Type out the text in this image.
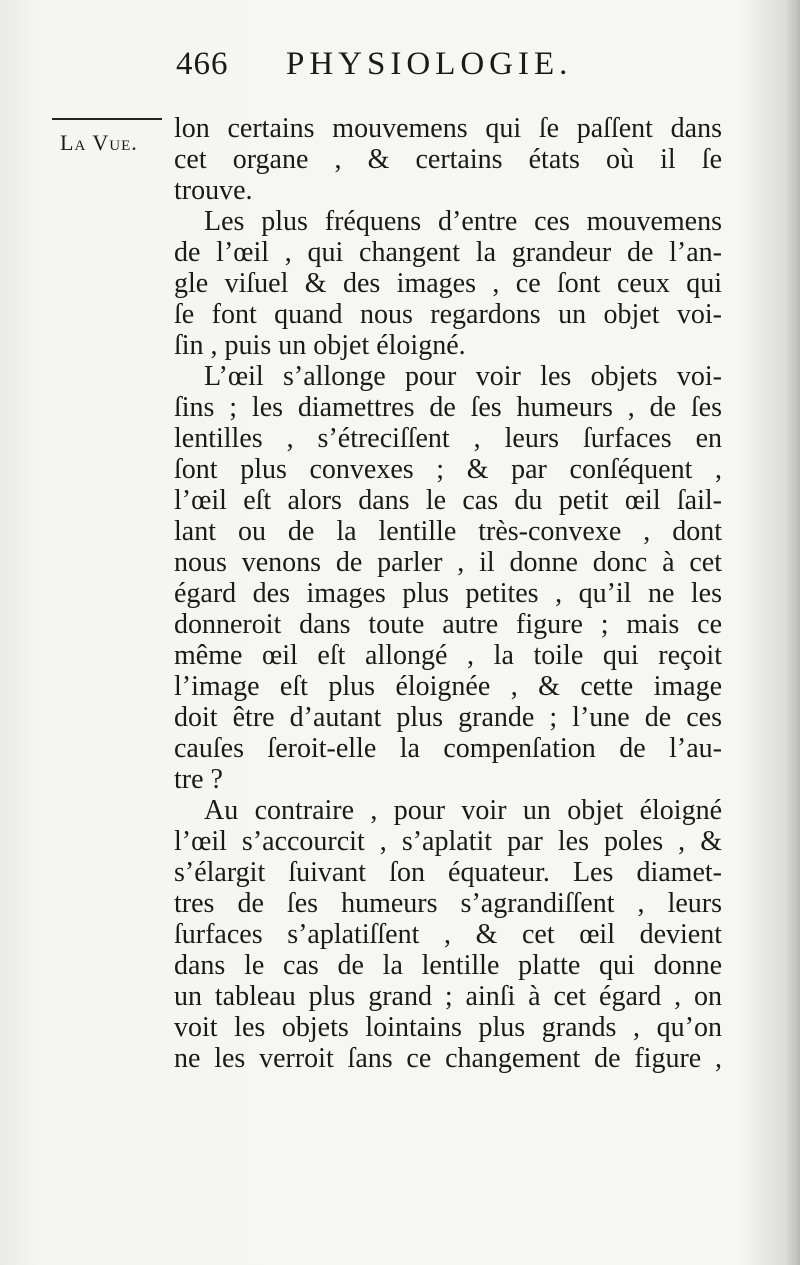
466 PHYSIOLOGIE.
La Vue. lon certains mouvemens qui ſe paſſent dans
cet organe , & certains états où il ſe
trouve.
Les plus fréquens d’entre ces mouvemens
de l’œil , qui changent la grandeur de l’an-
gle viſuel & des images , ce ſont ceux qui
ſe font quand nous regardons un objet voi-
ſin , puis un objet éloigné.
L’œil s’allonge pour voir les objets voi-
ſins ; les diamettres de ſes humeurs , de ſes
lentilles , s’étreciſſent , leurs ſurfaces en
ſont plus convexes ; & par conſéquent ,
l’œil eſt alors dans le cas du petit œil ſail-
lant ou de la lentille très-convexe , dont
nous venons de parler , il donne donc à cet
égard des images plus petites , qu’il ne les
donneroit dans toute autre figure ; mais ce
même œil eſt allongé , la toile qui reçoit
l’image eſt plus éloignée , & cette image
doit être d’autant plus grande ; l’une de ces
cauſes ſeroit-elle la compenſation de l’au-
tre ?
Au contraire , pour voir un objet éloigné
l’œil s’accourcit , s’aplatit par les poles , &
s’élargit ſuivant ſon équateur. Les diamet-
tres de ſes humeurs s’agrandiſſent , leurs
ſurfaces s’aplatiſſent , & cet œil devient
dans le cas de la lentille platte qui donne
un tableau plus grand ; ainſi à cet égard , on
voit les objets lointains plus grands , qu’on
ne les verroit ſans ce changement de figure ,
